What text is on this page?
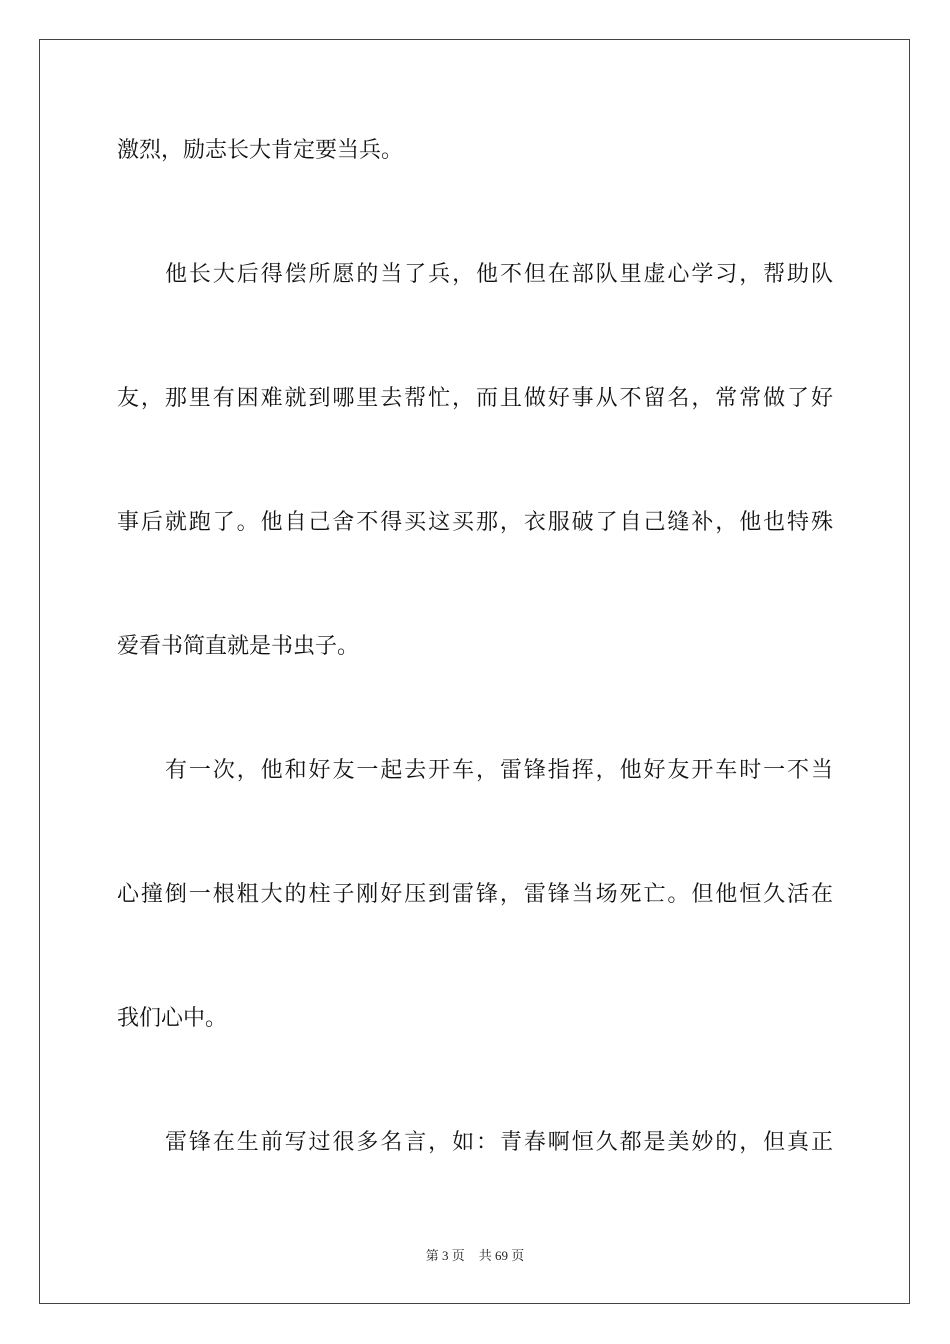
激烈，励志长大肯定要当兵。
他长大后得偿所愿的当了兵，他不但在部队里虚心学习，帮助队
友，那里有困难就到哪里去帮忙，而且做好事从不留名，常常做了好
事后就跑了。他自己舍不得买这买那，衣服破了自己缝补，他也特殊
爱看书简直就是书虫子。
有一次，他和好友一起去开车，雷锋指挥，他好友开车时一不当
心撞倒一根粗大的柱子刚好压到雷锋，雷锋当场死亡。但他恒久活在
我们心中。
雷锋在生前写过很多名言，如：青春啊恒久都是美妙的，但真正
第 3 页 共 69 页
